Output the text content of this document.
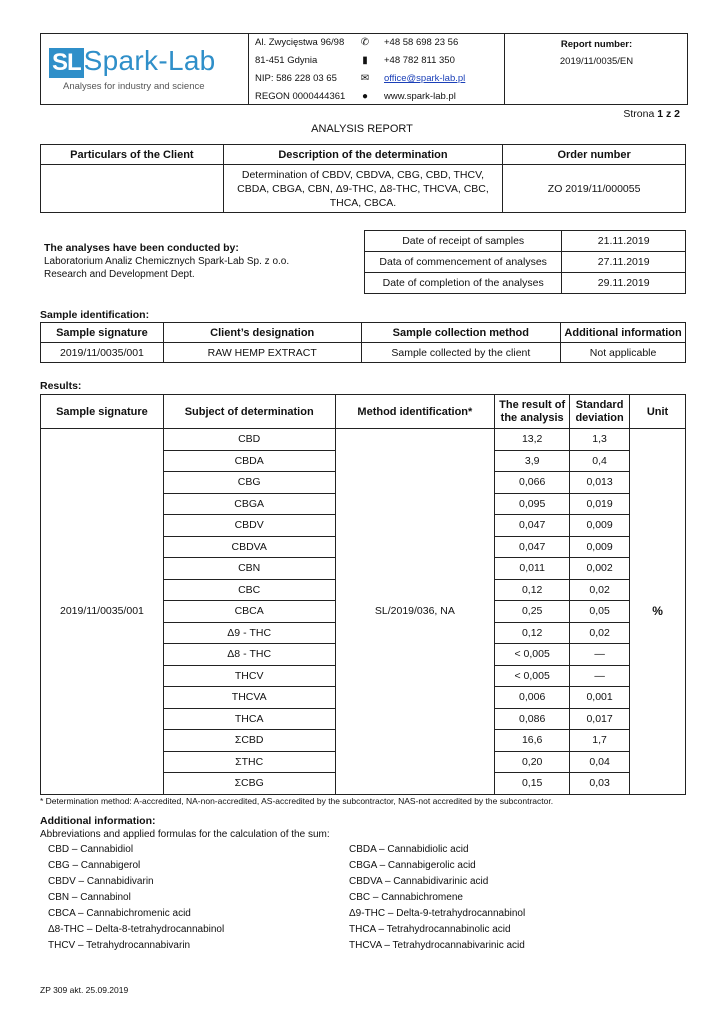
SL Spark-Lab
Analyses for industry and science
Al. Zwycięstwa 96/98
81-451 Gdynia
NIP: 586 228 03 65
REGON 0000444361
✆ +48 58 698 23 56
▮	+48 782 811 350
✉ office@spark-lab.pl
●	www.spark-lab.pl
Report number:
2019/11/0035/EN
Strona 1 z 2
ANALYSIS REPORT
Particulars of the Client	Description of the determination	Order number
	Determination of CBDV, CBDVA, CBG, CBD, THCV, CBDA, CBGA, CBN, Δ9-THC, Δ8-THC, THCVA, CBC, THCA, CBCA.	ZO 2019/11/000055
The analyses have been conducted by:
Laboratorium Analiz Chemicznych Spark-Lab Sp. z o.o.
Research and Development Dept.
Date of receipt of samples	21.11.2019
Data of commencement of analyses	27.11.2019
Date of completion of the analyses	29.11.2019
Sample identification:
Sample signature	Client’s designation	Sample collection method	Additional information
2019/11/0035/001	RAW HEMP EXTRACT	Sample collected by the client	Not applicable
Results:
Sample signature	Subject of determination	Method identification*	The result of the analysis	Standard deviation	Unit
2019/11/0035/001	CBD	SL/2019/036, NA	13,2	1,3	%
	CBDA		3,9	0,4	
	CBG		0,066	0,013	
	CBGA		0,095	0,019	
	CBDV		0,047	0,009	
	CBDVA		0,047	0,009	
	CBN		0,011	0,002	
	CBC		0,12	0,02	
	CBCA		0,25	0,05	
	Δ9 - THC		0,12	0,02	
	Δ8 - THC		< 0,005	—	
	THCV		< 0,005	—	
	THCVA		0,006	0,001	
	THCA		0,086	0,017	
	ΣCBD		16,6	1,7	
	ΣTHC		0,20	0,04	
	ΣCBG		0,15	0,03	
* Determination method: A-accredited, NA-non-accredited, AS-accredited by the subcontractor, NAS-not accredited by the subcontractor.
Additional information:
Abbreviations and applied formulas for the calculation of the sum:
CBD – Cannabidiol
CBG – Cannabigerol
CBDV – Cannabidivarin
CBN – Cannabinol
CBCA – Cannabichromenic acid
Δ8-THC – Delta-8-tetrahydrocannabinol
THCV – Tetrahydrocannabivarin
CBDA – Cannabidiolic acid
CBGA – Cannabigerolic acid
CBDVA – Cannabidivarinic acid
CBC – Cannabichromene
Δ9-THC – Delta-9-tetrahydrocannabinol
THCA – Tetrahydrocannabinolic acid
THCVA – Tetrahydrocannabivarinic acid
ZP 309 akt. 25.09.2019
